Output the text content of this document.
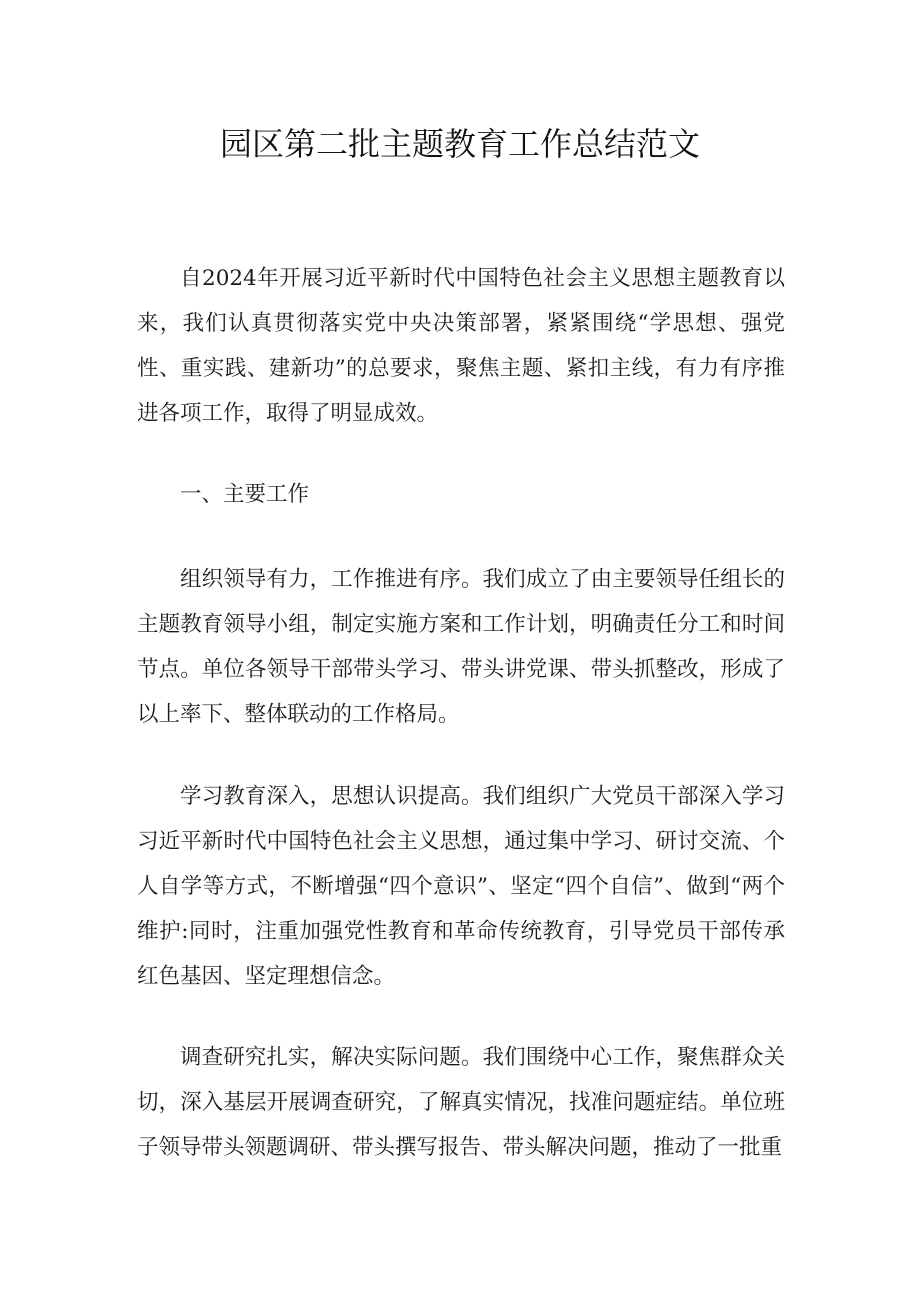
园区第二批主题教育工作总结范文

自2024年开展习近平新时代中国特色社会主义思想主题教育以来，我们认真贯彻落实党中央决策部署，紧紧围绕“学思想、强党性、重实践、建新功”的总要求，聚焦主题、紧扣主线，有力有序推进各项工作，取得了明显成效。

一、主要工作

组织领导有力，工作推进有序。我们成立了由主要领导任组长的主题教育领导小组，制定实施方案和工作计划，明确责任分工和时间节点。单位各领导干部带头学习、带头讲党课、带头抓整改，形成了以上率下、整体联动的工作格局。

学习教育深入，思想认识提高。我们组织广大党员干部深入学习习近平新时代中国特色社会主义思想，通过集中学习、研讨交流、个人自学等方式，不断增强“四个意识”、坚定“四个自信”、做到“两个维护:同时，注重加强党性教育和革命传统教育，引导党员干部传承红色基因、坚定理想信念。

调查研究扎实，解决实际问题。我们围绕中心工作，聚焦群众关切，深入基层开展调查研究，了解真实情况，找准问题症结。单位班子领导带头领题调研、带头撰写报告、带头解决问题，推动了一批重
